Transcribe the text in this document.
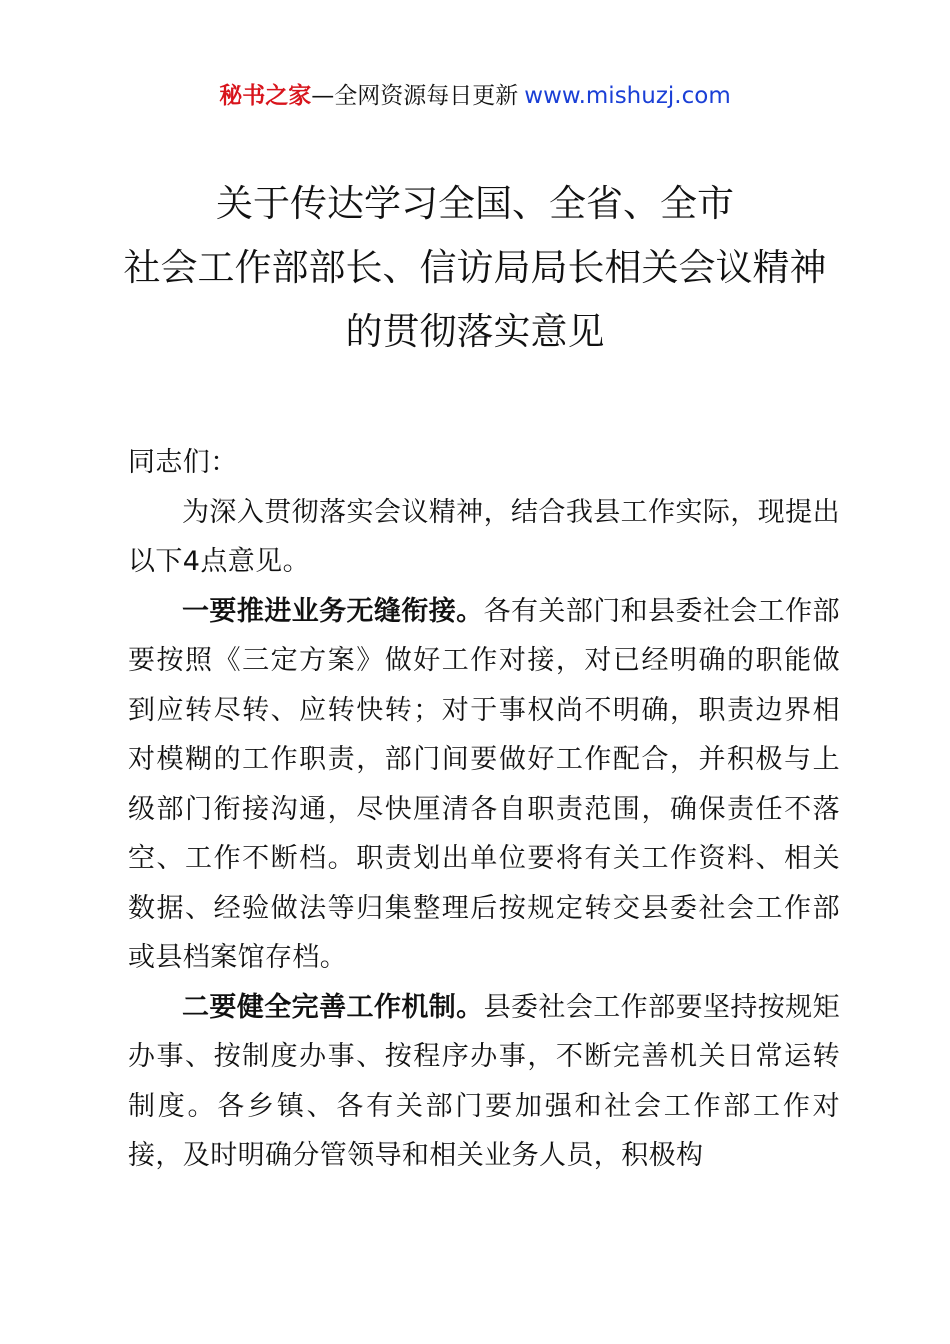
秘书之家—全网资源每日更新 www.mishuzj.com
关于传达学习全国、全省、全市
社会工作部部长、信访局局长相关会议精神
的贯彻落实意见

同志们：

为深入贯彻落实会议精神，结合我县工作实际，现提出以下4点意见。

一要推进业务无缝衔接。各有关部门和县委社会工作部要按照《三定方案》做好工作对接，对已经明确的职能做到应转尽转、应转快转；对于事权尚不明确，职责边界相对模糊的工作职责，部门间要做好工作配合，并积极与上级部门衔接沟通，尽快厘清各自职责范围，确保责任不落空、工作不断档。职责划出单位要将有关工作资料、相关数据、经验做法等归集整理后按规定转交县委社会工作部或县档案馆存档。

二要健全完善工作机制。县委社会工作部要坚持按规矩办事、按制度办事、按程序办事，不断完善机关日常运转制度。各乡镇、各有关部门要加强和社会工作部工作对接，及时明确分管领导和相关业务人员，积极构
